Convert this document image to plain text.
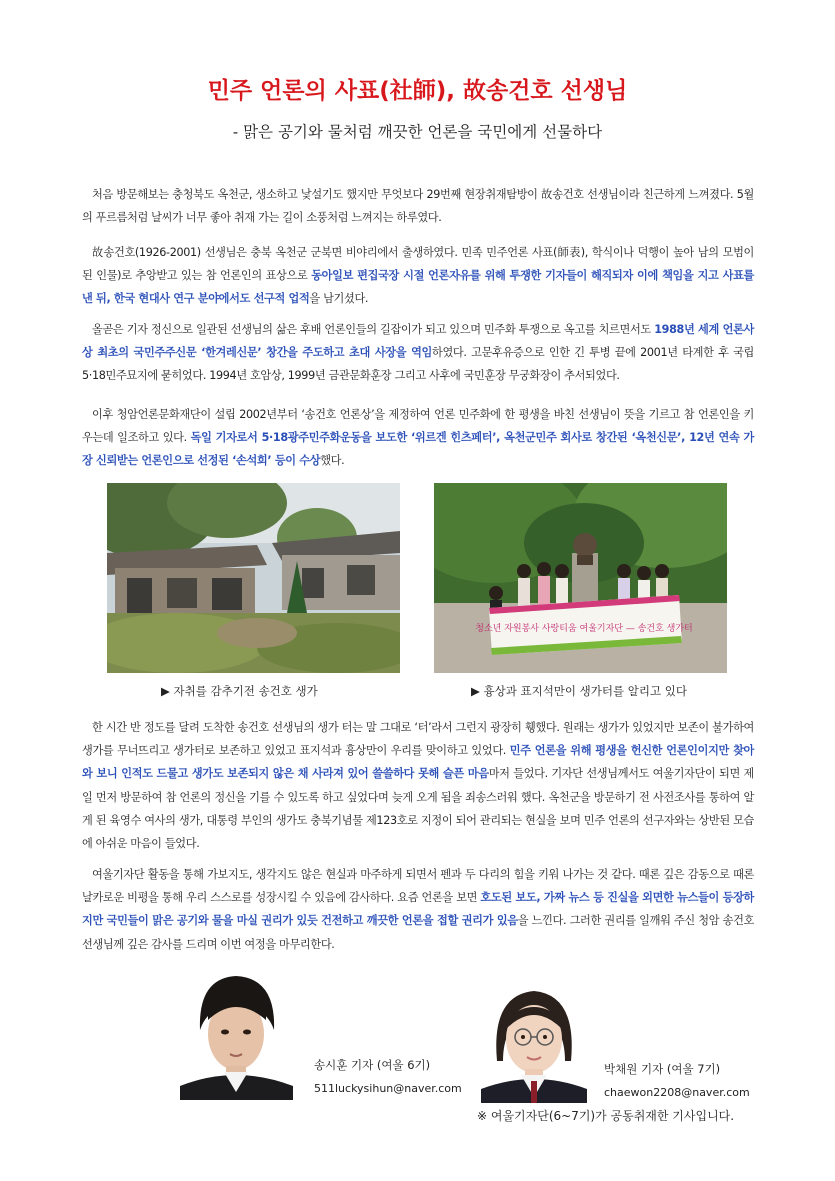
민주 언론의 사표(社師), 故송건호 선생님
- 맑은 공기와 물처럼 깨끗한 언론을 국민에게 선물하다

처음 방문해보는 충청북도 옥천군, 생소하고 낯설기도 했지만 무엇보다 29번째 현장취재탐방이 故송건호 선생님이라 친근하게 느껴졌다. 5월의 푸르름처럼 날씨가 너무 좋아 취재 가는 길이 소풍처럼 느껴지는 하루였다.

故송건호(1926-2001) 선생님은 충북 옥천군 군북면 비야리에서 출생하였다. 민족 민주언론 사표(師表), 학식이나 덕행이 높아 남의 모범이 된 인물)로 추앙받고 있는 참 언론인의 표상으로 동아일보 편집국장 시절 언론자유를 위해 투쟁한 기자들이 해직되자 이에 책임을 지고 사표를 낸 뒤, 한국 현대사 연구 분야에서도 선구적 업적을 남기셨다.

올곧은 기자 정신으로 일관된 선생님의 삶은 후배 언론인들의 길잡이가 되고 있으며 민주화 투쟁으로 옥고를 치르면서도 1988년 세계 언론사상 최초의 국민주주신문 ‘한겨레신문’ 창간을 주도하고 초대 사장을 역임하였다. 고문후유증으로 인한 긴 투병 끝에 2001년 타계한 후 국립 5·18민주묘지에 묻히었다. 1994년 호암상, 1999년 금관문화훈장 그리고 사후에 국민훈장 무궁화장이 추서되었다.

이후 청암언론문화재단이 설립 2002년부터 ‘송건호 언론상’을 제정하여 언론 민주화에 한 평생을 바친 선생님이 뜻을 기르고 참 언론인을 키우는데 일조하고 있다. 독일 기자로서 5·18광주민주화운동을 보도한 ‘위르겐 힌츠페터’, 옥천군민주 회사로 창간된 ‘옥천신문’, 12년 연속 가장 신뢰받는 언론인으로 선정된 ‘손석희’ 등이 수상했다.

청소년 자원봉사 사랑티움 여울기자단 — 송건호 생가터
▶ 자취를 감추기전 송건호 생가	▶ 흉상과 표지석만이 생가터를 알리고 있다

한 시간 반 정도를 달려 도착한 송건호 선생님의 생가 터는 말 그대로 ‘터’라서 그런지 광장히 휑했다. 원래는 생가가 있었지만 보존이 불가하여 생가를 무너뜨리고 생가터로 보존하고 있었고 표지석과 흉상만이 우리를 맞이하고 있었다. 민주 언론을 위해 평생을 헌신한 언론인이지만 찾아와 보니 인적도 드물고 생가도 보존되지 않은 채 사라져 있어 쓸쓸하다 못해 슬픈 마음마저 들었다. 기자단 선생님께서도 여울기자단이 되면 제일 먼저 방문하여 참 언론의 정신을 기를 수 있도록 하고 싶었다며 늦게 오게 됨을 죄송스러워 했다. 옥천군을 방문하기 전 사전조사를 통하여 알게 된 육영수 여사의 생가, 대통령 부인의 생가도 충북기념물 제123호로 지정이 되어 관리되는 현실을 보며 민주 언론의 선구자와는 상반된 모습에 아쉬운 마음이 들었다.

여울기자단 활동을 통해 가보지도, 생각지도 않은 현실과 마주하게 되면서 펜과 두 다리의 힘을 키워 나가는 것 같다. 때론 깊은 감동으로 때론 날카로운 비평을 통해 우리 스스로를 성장시킬 수 있음에 감사하다. 요즘 언론을 보면 호도된 보도, 가짜 뉴스 등 진실을 외면한 뉴스들이 등장하지만 국민들이 맑은 공기와 물을 마실 권리가 있듯 건전하고 깨끗한 언론을 접할 권리가 있음을 느낀다. 그러한 권리를 일깨워 주신 청암 송건호 선생님께 깊은 감사를 드리며 이번 여정을 마무리한다.

송시훈 기자 (여울 6기)
511luckysihun@naver.com
박채원 기자 (여울 7기)
chaewon2208@naver.com
※ 여울기자단(6~7기)가 공동취재한 기사입니다.
